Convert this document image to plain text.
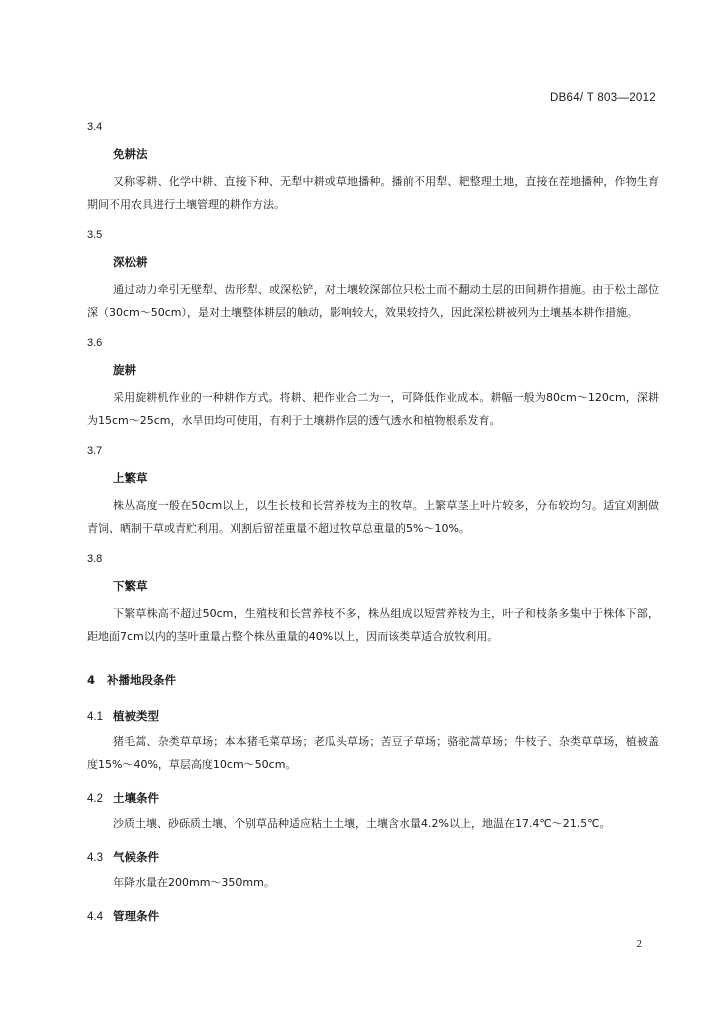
DB64/ T 803—2012

3.4

免耕法

又称零耕、化学中耕、直接下种、无犁中耕或草地播种。播前不用犁、耙整理土地，直接在茬地播种，作物生育期间不用农具进行土壤管理的耕作方法。

3.5

深松耕

通过动力牵引无壁犁、齿形犁、或深松铲，对土壤较深部位只松土而不翻动土层的田间耕作措施。由于松土部位深（30cm～50cm），是对土壤整体耕层的触动，影响较大，效果较持久，因此深松耕被列为土壤基本耕作措施。

3.6

旋耕

采用旋耕机作业的一种耕作方式。将耕、耙作业合二为一，可降低作业成本。耕幅一般为80cm～120cm，深耕为15cm～25cm，水旱田均可使用，有利于土壤耕作层的透气透水和植物根系发育。

3.7

上繁草

株丛高度一般在50cm以上，以生长枝和长营养枝为主的牧草。上繁草茎上叶片较多，分布较均匀。适宜刈割做青饲、晒制干草或青贮利用。刈割后留茬重量不超过牧草总重量的5%～10%。

3.8

下繁草

下繁草株高不超过50cm，生殖枝和长营养枝不多，株丛组成以短营养枝为主，叶子和枝条多集中于株体下部，距地面7cm以内的茎叶重量占整个株丛重量的40%以上，因而该类草适合放牧利用。

4 补播地段条件

4.1 植被类型

猪毛蒿、杂类草草场；本本猪毛菜草场；老瓜头草场；苦豆子草场；骆驼蒿草场；牛枝子、杂类草草场，植被盖度15%～40%，草层高度10cm～50cm。

4.2 土壤条件

沙质土壤、砂砾质土壤、个别草品种适应粘土土壤，土壤含水量4.2%以上，地温在17.4℃～21.5℃。

4.3 气候条件

年降水量在200mm～350mm。

4.4 管理条件

2
